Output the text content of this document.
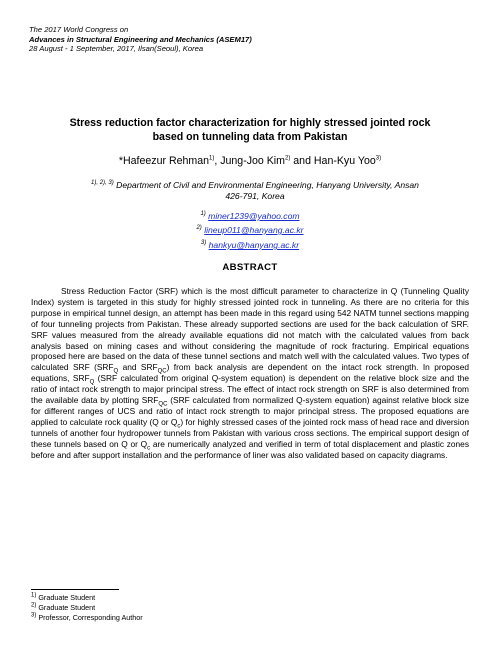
The 2017 World Congress on
Advances in Structural Engineering and Mechanics (ASEM17)
28 August - 1 September, 2017, Ilsan(Seoul), Korea
Stress reduction factor characterization for highly stressed jointed rock
based on tunneling data from Pakistan
*Hafeezur Rehman$^{1)}$, Jung-Joo Kim$^{2)}$ and Han-Kyu Yoo$^{3)}$
$^{1), 2), 3)}$ Department of Civil and Environmental Engineering, Hanyang University, Ansan
426-791, Korea
$^{1)}$ miner1239@yahoo.com
$^{2)}$ lineup011@hanyang.ac.kr
$^{3)}$ hankyu@hanyang.ac.kr
ABSTRACT

Stress Reduction Factor (SRF) which is the most difficult parameter to characterize in Q (Tunneling Quality Index) system is targeted in this study for highly stressed jointed rock in tunneling. As there are no criteria for this purpose in empirical tunnel design, an attempt has been made in this regard using 542 NATM tunnel sections mapping of four tunneling projects from Pakistan. These already supported sections are used for the back calculation of SRF. SRF values measured from the already available equations did not match with the calculated values from back analysis based on mining cases and without considering the magnitude of rock fracturing. Empirical equations proposed here are based on the data of these tunnel sections and match well with the calculated values. Two types of calculated SRF ($SRF_Q$ and $SRF_{QC}$) from back analysis are dependent on the intact rock strength. In proposed equations, $SRF_Q$ (SRF calculated from original Q-system equation) is dependent on the relative block size and the ratio of intact rock strength to major principal stress. The effect of intact rock strength on SRF is also determined from the available data by plotting $SRF_{QC}$ (SRF calculated from normalized Q-system equation) against relative block size for different ranges of UCS and ratio of intact rock strength to major principal stress. The proposed equations are applied to calculate rock quality (Q or $Q_c$) for highly stressed cases of the jointed rock mass of head race and diversion tunnels of another four hydropower tunnels from Pakistan with various cross sections. The empirical support design of these tunnels based on Q or $Q_c$ are numerically analyzed and verified in term of total displacement and plastic zones before and after support installation and the performance of liner was also validated based on capacity diagrams.

$^{1)}$ Graduate Student
$^{2)}$ Graduate Student
$^{3)}$ Professor, Corresponding Author
